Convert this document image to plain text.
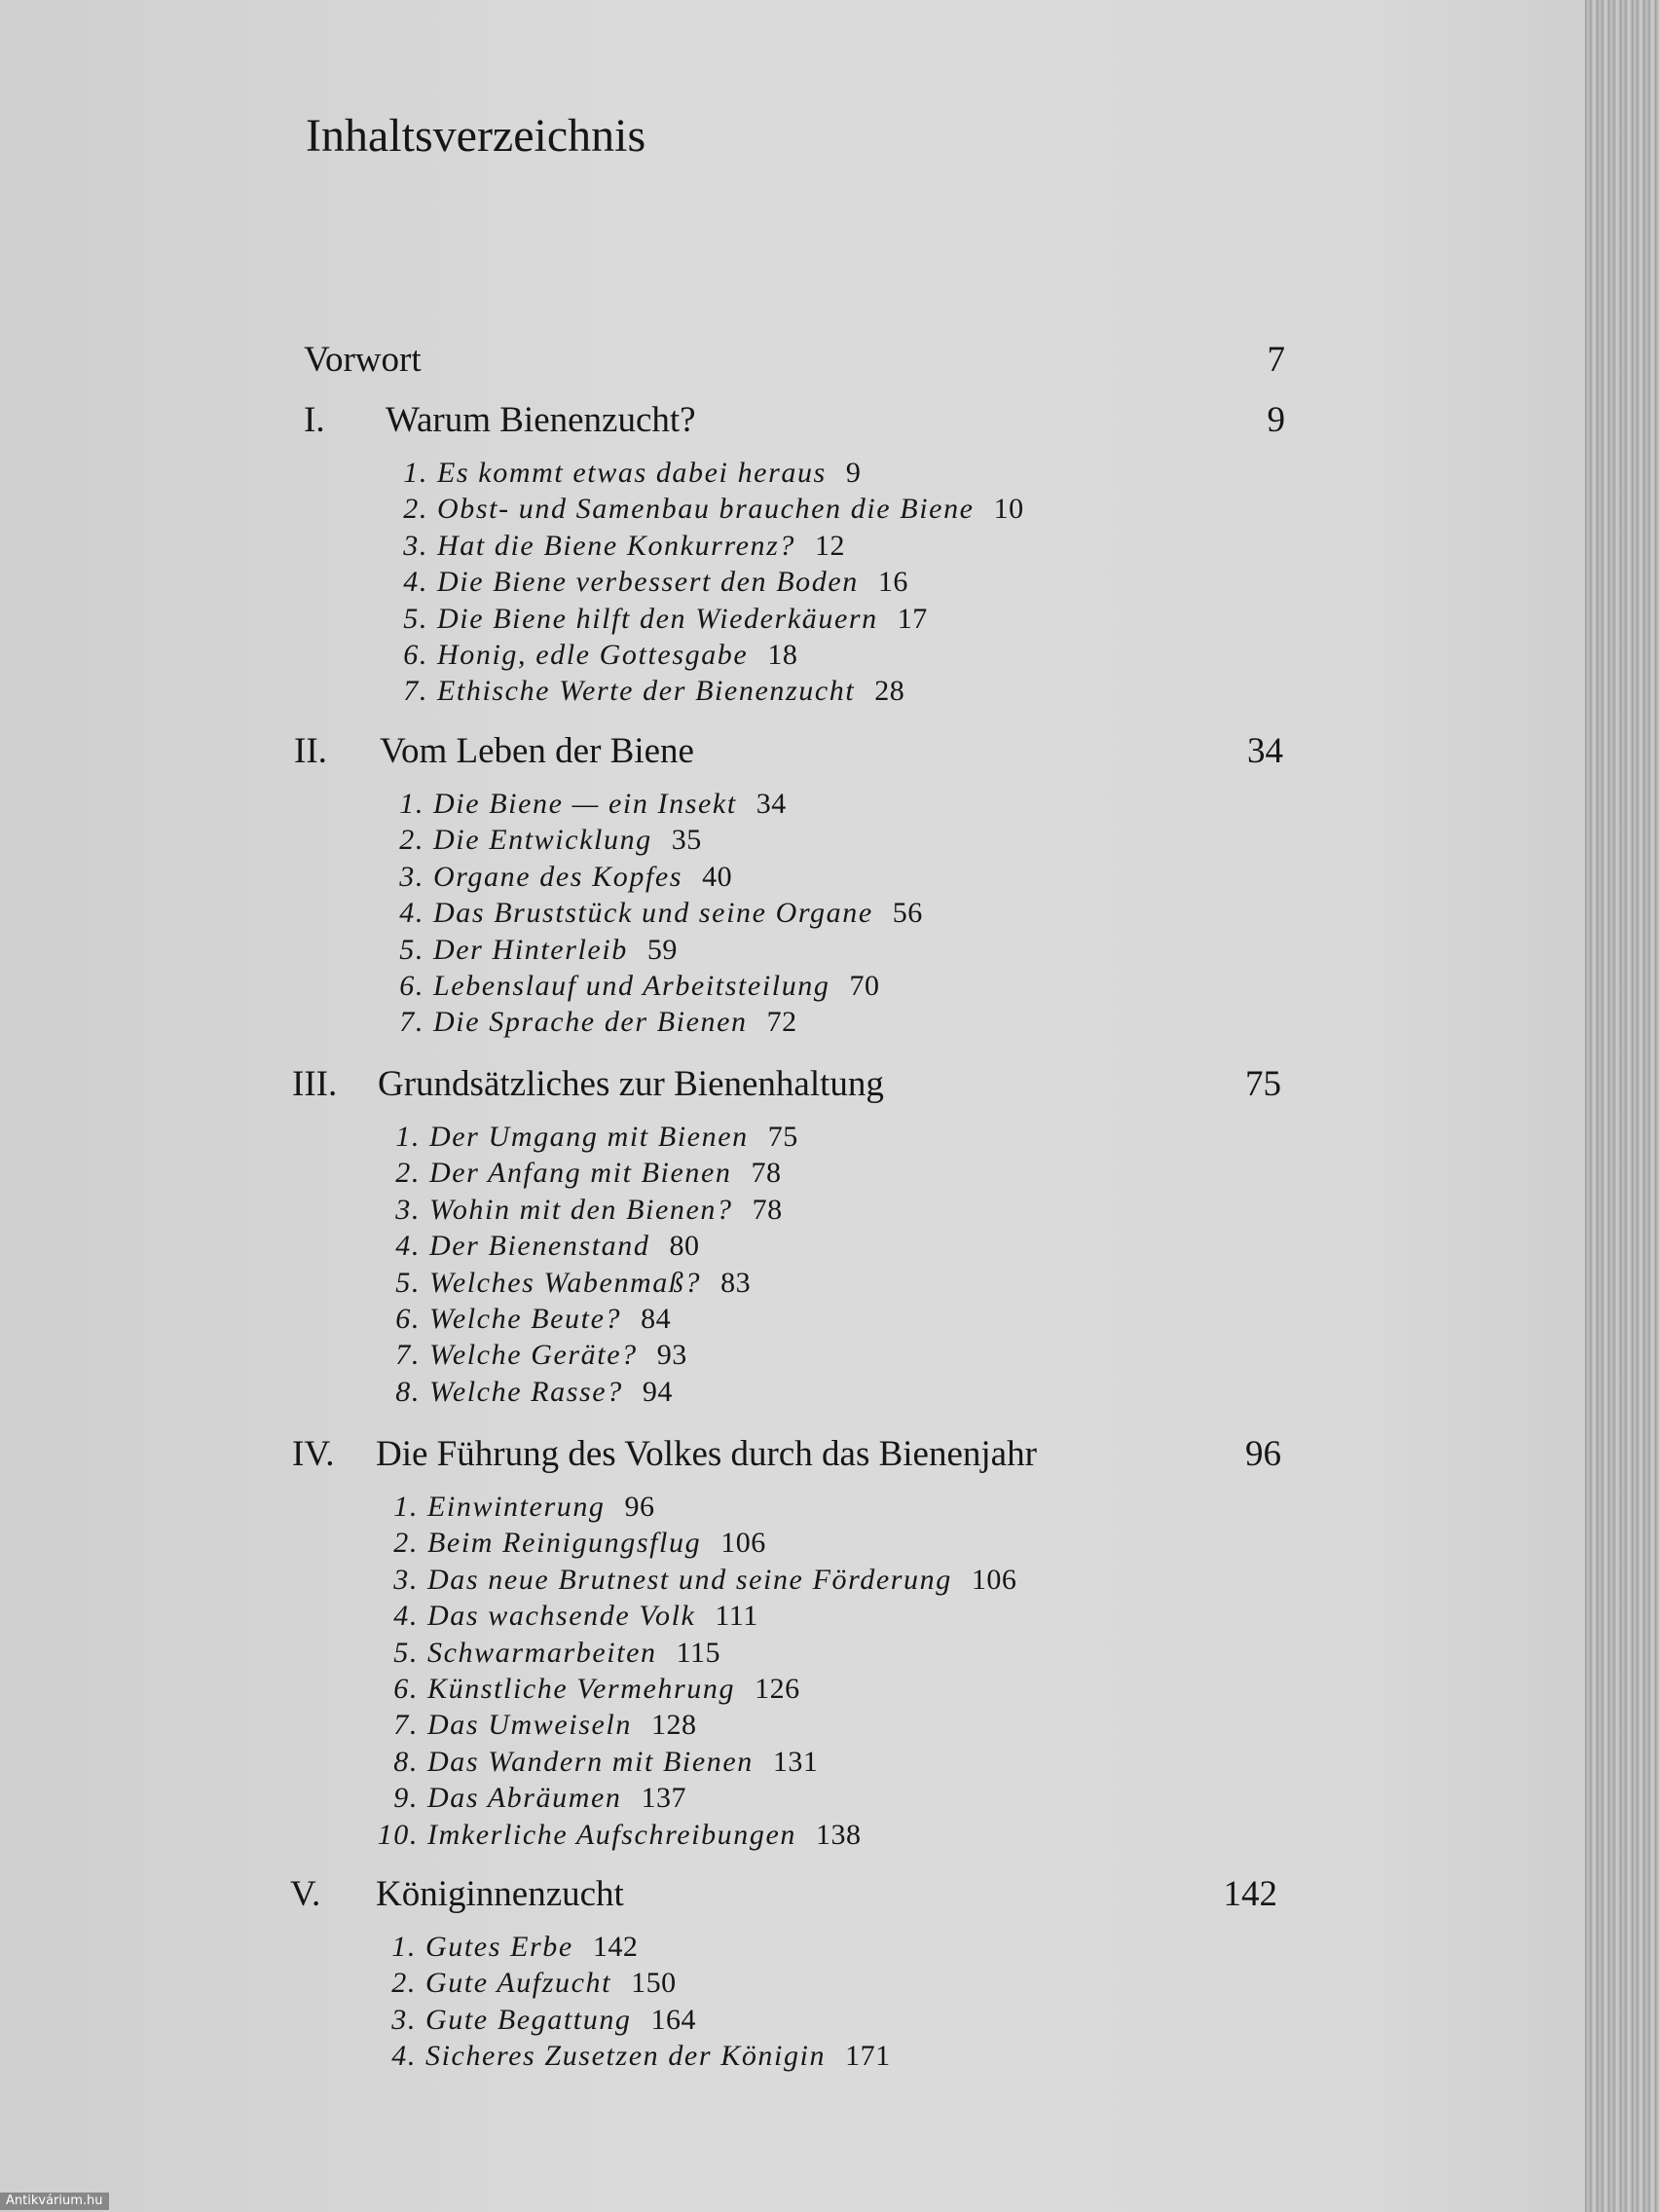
Inhaltsverzeichnis
Vorwort	7
I. Warum Bienenzucht?	9
1. Es kommt etwas dabei heraus 9
2. Obst- und Samenbau brauchen die Biene 10
3. Hat die Biene Konkurrenz? 12
4. Die Biene verbessert den Boden 16
5. Die Biene hilft den Wiederkäuern 17
6. Honig, edle Gottesgabe 18
7. Ethische Werte der Bienenzucht 28
II. Vom Leben der Biene	34
1. Die Biene — ein Insekt 34
2. Die Entwicklung 35
3. Organe des Kopfes 40
4. Das Bruststück und seine Organe 56
5. Der Hinterleib 59
6. Lebenslauf und Arbeitsteilung 70
7. Die Sprache der Bienen 72
III. Grundsätzliches zur Bienenhaltung	75
1. Der Umgang mit Bienen 75
2. Der Anfang mit Bienen 78
3. Wohin mit den Bienen? 78
4. Der Bienenstand 80
5. Welches Wabenmaß? 83
6. Welche Beute? 84
7. Welche Geräte? 93
8. Welche Rasse? 94
IV. Die Führung des Volkes durch das Bienenjahr	96
1. Einwinterung 96
2. Beim Reinigungsflug 106
3. Das neue Brutnest und seine Förderung 106
4. Das wachsende Volk 111
5. Schwarmarbeiten 115
6. Künstliche Vermehrung 126
7. Das Umweiseln 128
8. Das Wandern mit Bienen 131
9. Das Abräumen 137
10. Imkerliche Aufschreibungen 138
V. Königinnenzucht	142
1. Gutes Erbe 142
2. Gute Aufzucht 150
3. Gute Begattung 164
4. Sicheres Zusetzen der Königin 171
Antikvárium.hu
